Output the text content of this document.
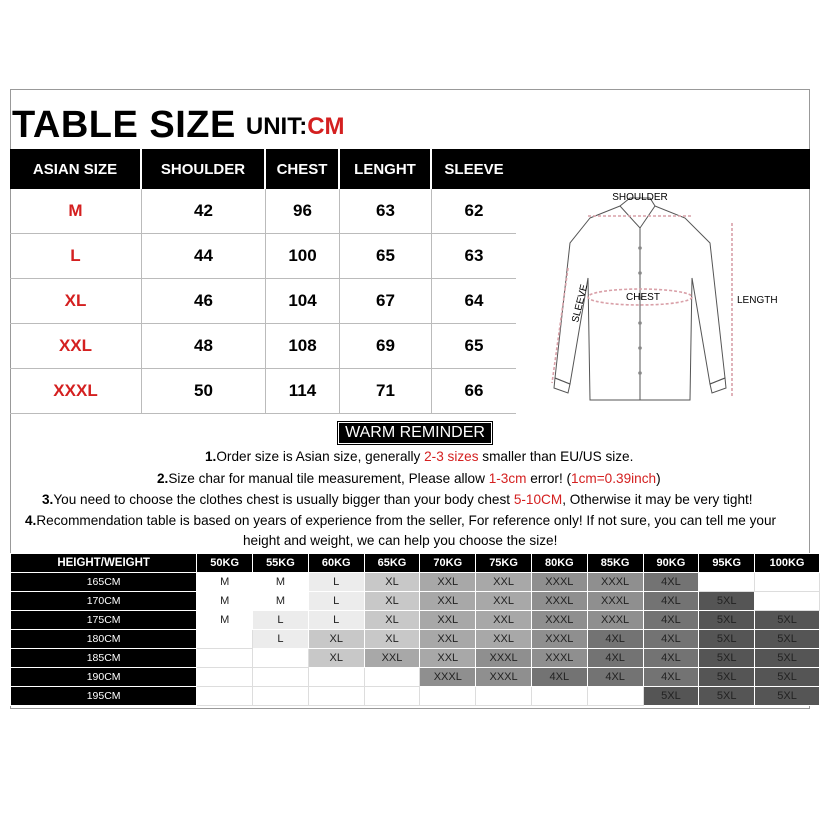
TABLE SIZE UNIT:CM
ASIAN SIZE	SHOULDER	CHEST	LENGHT	SLEEVE
M	42	96	63	62
L	44	100	65	63
XL	46	104	67	64
XXL	48	108	69	65
XXXL	50	114	71	66
SHOULDER
CHEST	LENGTH
SLEEVE
WARM REMINDER
1.Order size is Asian size, generally 2-3 sizes smaller than EU/US size.
2.Size char for manual tile measurement, Please allow 1-3cm error! (1cm=0.39inch)
3.You need to choose the clothes chest is usually bigger than your body chest 5-10CM, Otherwise it may be very tight!
4.Recommendation table is based on years of experience from the seller, For reference only! If not sure, you can tell me your
height and weight, we can help you choose the size!
HEIGHT/WEIGHT	50KG	55KG	60KG	65KG	70KG	75KG	80KG	85KG	90KG	95KG	100KG
165CM	M	M	L	XL	XXL	XXL	XXXL	XXXL	4XL		
170CM	M	M	L	XL	XXL	XXL	XXXL	XXXL	4XL	5XL	
175CM	M	L	L	XL	XXL	XXL	XXXL	XXXL	4XL	5XL	5XL
180CM		L	XL	XL	XXL	XXL	XXXL	4XL	4XL	5XL	5XL
185CM			XL	XXL	XXL	XXXL	XXXL	4XL	4XL	5XL	5XL
190CM					XXXL	XXXL	4XL	4XL	4XL	5XL	5XL
195CM									5XL	5XL	5XL
